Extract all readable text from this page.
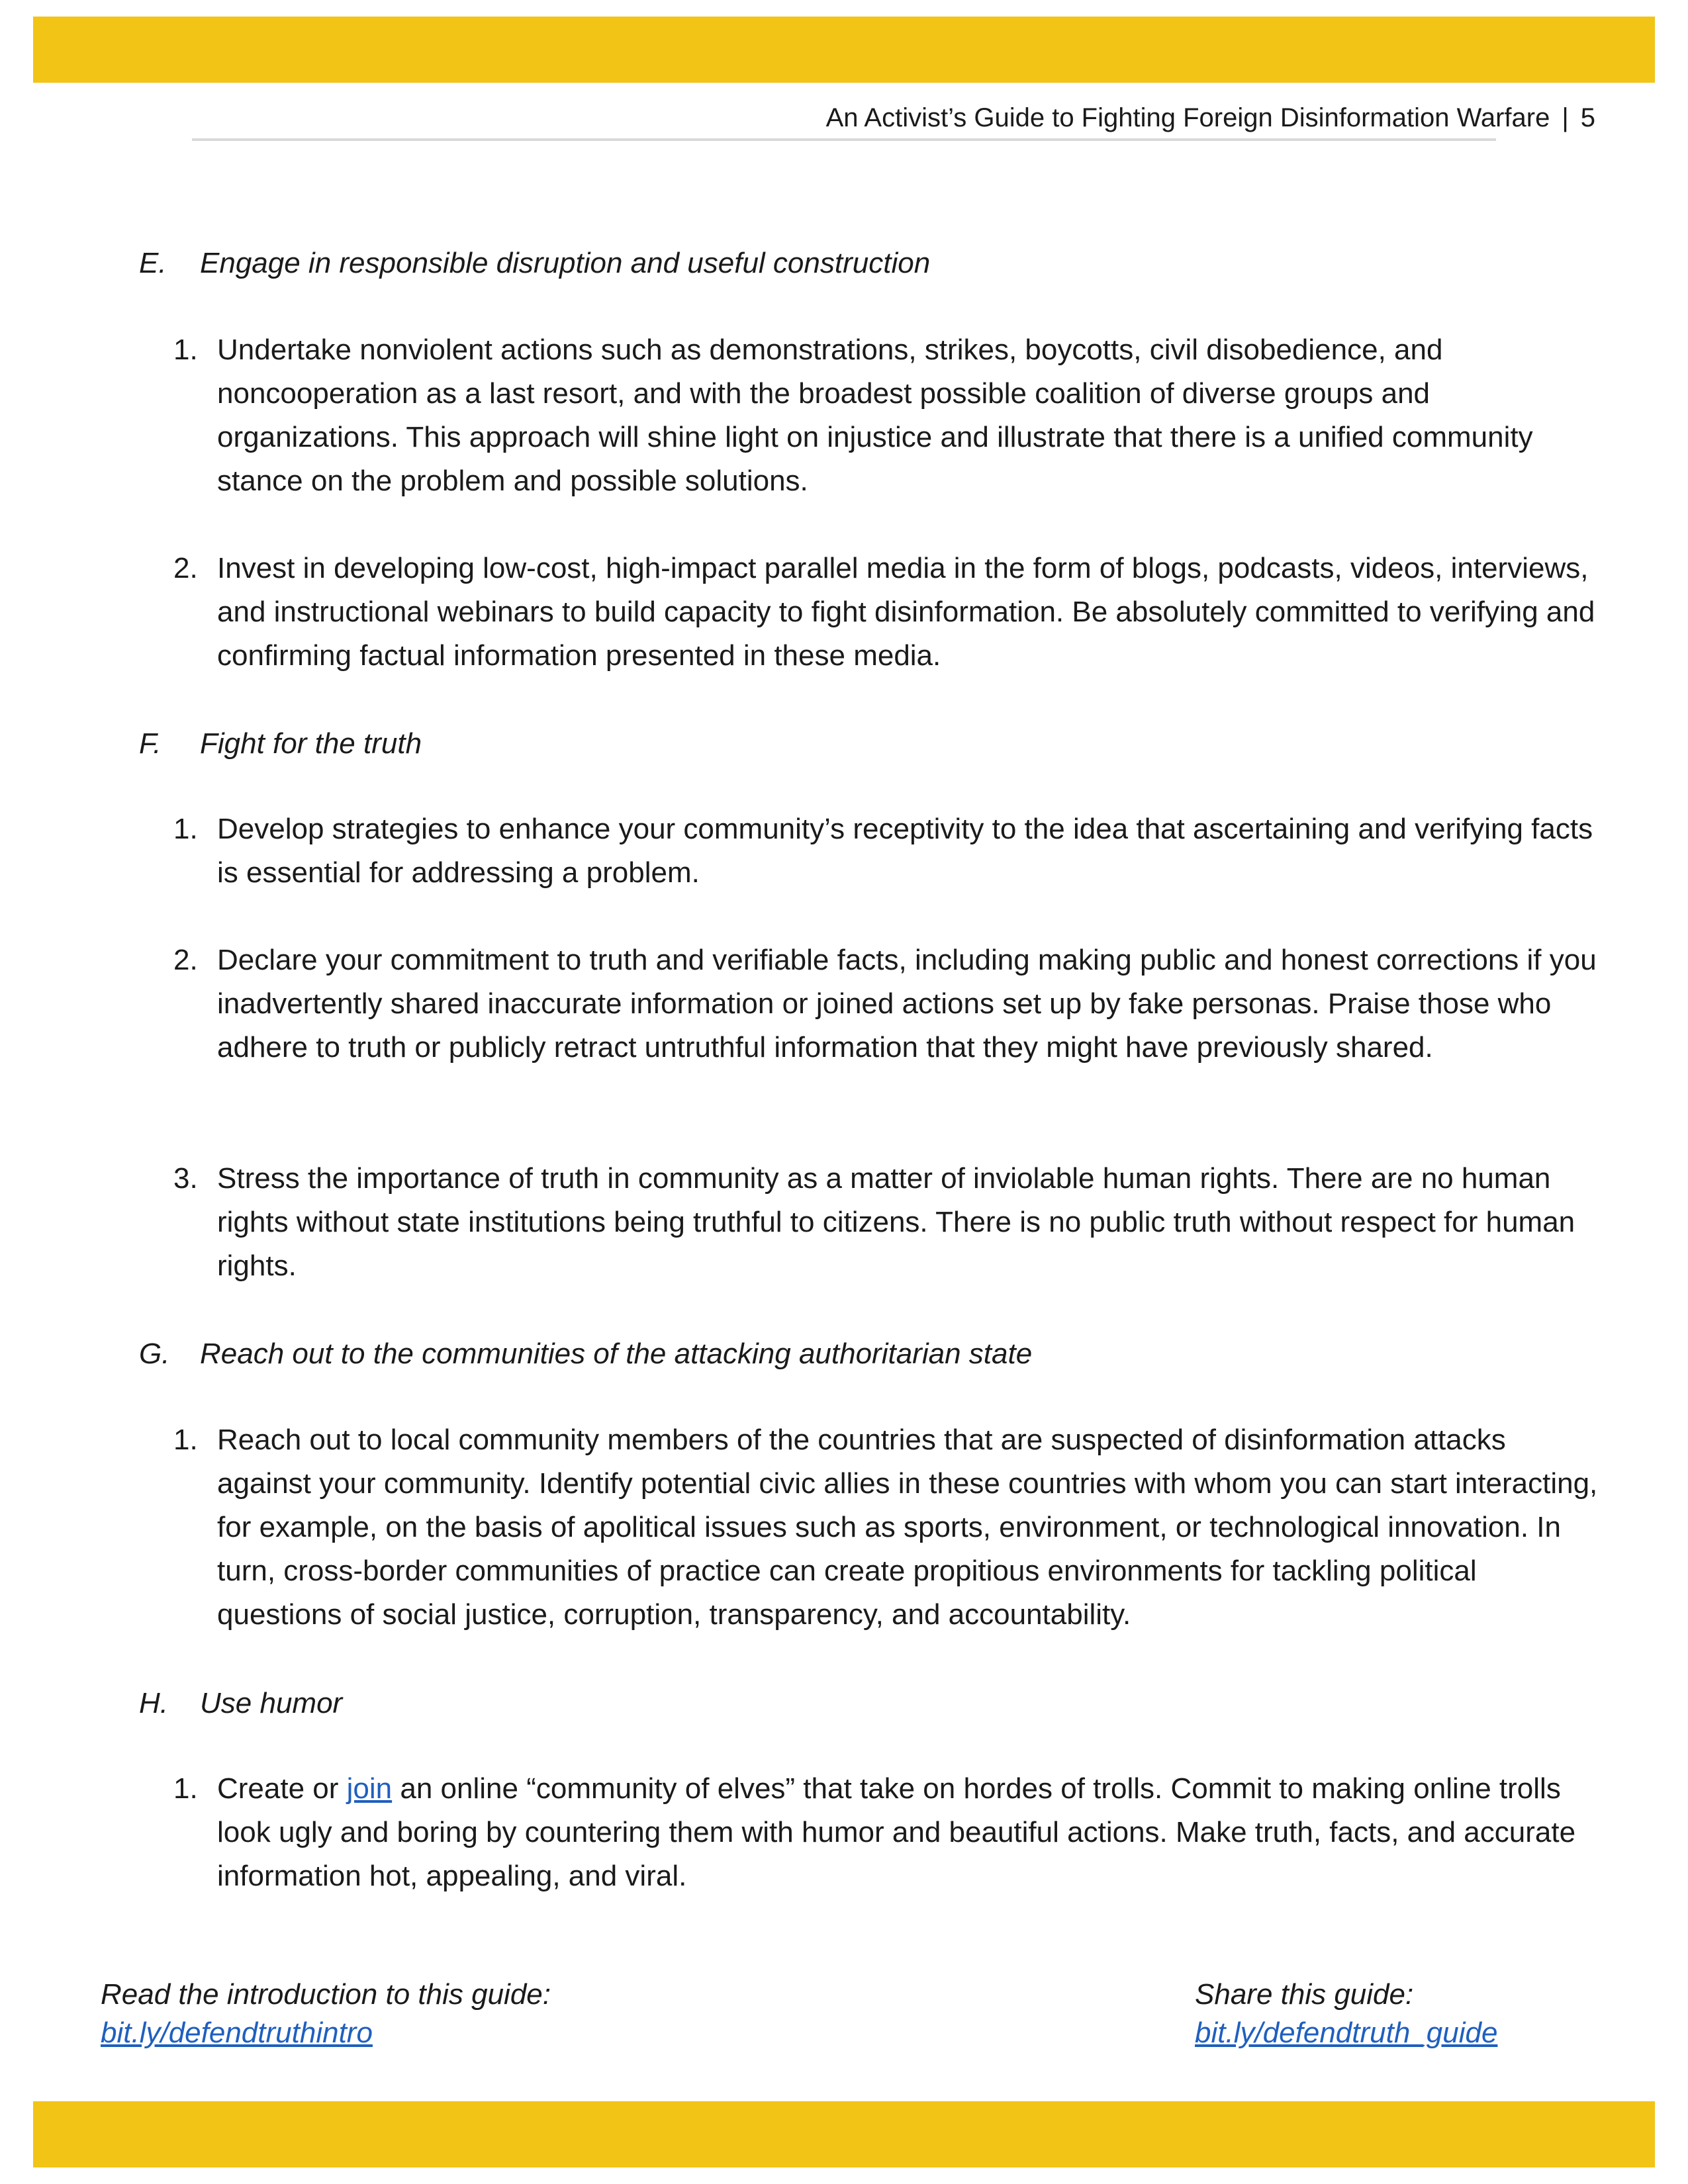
An Activist’s Guide to Fighting Foreign Disinformation Warfare | 5
E. Engage in responsible disruption and useful construction
1. Undertake nonviolent actions such as demonstrations, strikes, boycotts, civil disobedience, and noncooperation as a last resort, and with the broadest possible coalition of diverse groups and organizations. This approach will shine light on injustice and illustrate that there is a unified community stance on the problem and possible solutions.
2. Invest in developing low-cost, high-impact parallel media in the form of blogs, podcasts, videos, interviews, and instructional webinars to build capacity to fight disinformation. Be absolutely committed to verifying and confirming factual information presented in these media.
F. Fight for the truth
1. Develop strategies to enhance your community’s receptivity to the idea that ascertaining and verifying facts is essential for addressing a problem.
2. Declare your commitment to truth and verifiable facts, including making public and honest corrections if you inadvertently shared inaccurate information or joined actions set up by fake personas. Praise those who adhere to truth or publicly retract untruthful information that they might have previously shared.
3. Stress the importance of truth in community as a matter of inviolable human rights. There are no human rights without state institutions being truthful to citizens. There is no public truth without respect for human rights.
G. Reach out to the communities of the attacking authoritarian state
1. Reach out to local community members of the countries that are suspected of disinformation attacks against your community. Identify potential civic allies in these countries with whom you can start interacting, for example, on the basis of apolitical issues such as sports, environment, or technological innovation. In turn, cross-border communities of practice can create propitious environments for tackling political questions of social justice, corruption, transparency, and accountability.
H. Use humor
1. Create or join an online “community of elves” that take on hordes of trolls. Commit to making online trolls look ugly and boring by countering them with humor and beautiful actions. Make truth, facts, and accurate information hot, appealing, and viral.
Read the introduction to this guide:
bit.ly/defendtruthintro
Share this guide:
bit.ly/defendtruth_guide
